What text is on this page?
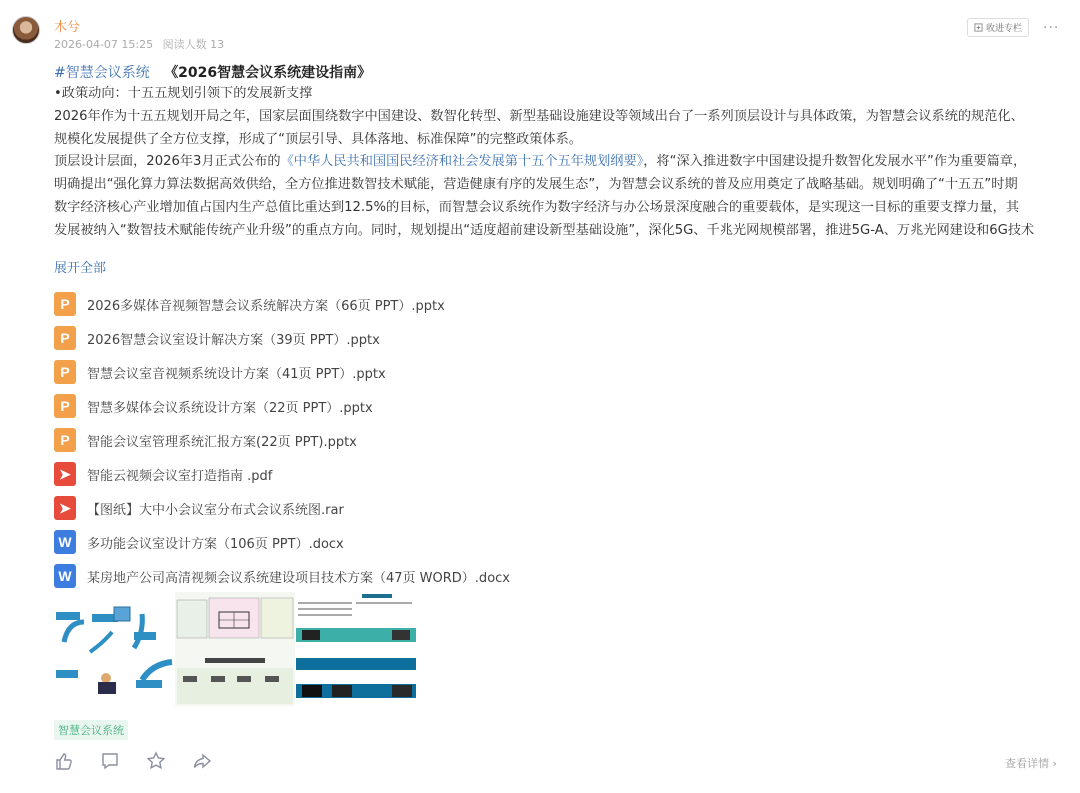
木兮
2026-04-07 15:25 阅读人数 13
收进专栏 ···
#智慧会议系统 《2026智慧会议系统建设指南》

•政策动向：十五五规划引领下的发展新支撑

2026年作为十五五规划开局之年，国家层面围绕数字中国建设、数智化转型、新型基础设施建设等领域出台了一系列顶层设计与具体政策，为智慧会议系统的规范化、

规模化发展提供了全方位支撑，形成了“顶层引导、具体落地、标准保障”的完整政策体系。

顶层设计层面，2026年3月正式公布的《中华人民共和国国民经济和社会发展第十五个五年规划纲要》，将“深入推进数字中国建设提升数智化发展水平”作为重要篇章，

明确提出“强化算力算法数据高效供给，全方位推进数智技术赋能，营造健康有序的发展生态”，为智慧会议系统的普及应用奠定了战略基础。规划明确了“十五五”时期

数字经济核心产业增加值占国内生产总值比重达到12.5%的目标，而智慧会议系统作为数字经济与办公场景深度融合的重要载体，是实现这一目标的重要支撑力量，其

发展被纳入“数智技术赋能传统产业升级”的重点方向。同时，规划提出“适度超前建设新型基础设施”，深化5G、千兆光网规模部署，推进5G-A、万兆光网建设和6G技术

展开全部
P	2026多媒体音视频智慧会议系统解决方案（66页 PPT）.pptx
P	2026智慧会议室设计解决方案（39页 PPT）.pptx
P	智慧会议室音视频系统设计方案（41页 PPT）.pptx
P	智慧多媒体会议系统设计方案（22页 PPT）.pptx
P	智能会议室管理系统汇报方案(22页 PPT).pptx
➤	智能云视频会议室打造指南 .pdf
➤	【图纸】大中小会议室分布式会议系统图.rar
W	多功能会议室设计方案（106页 PPT）.docx
W	某房地产公司高清视频会议系统建设项目技术方案（47页 WORD）.docx
智慧会议系统
查看详情 ›
